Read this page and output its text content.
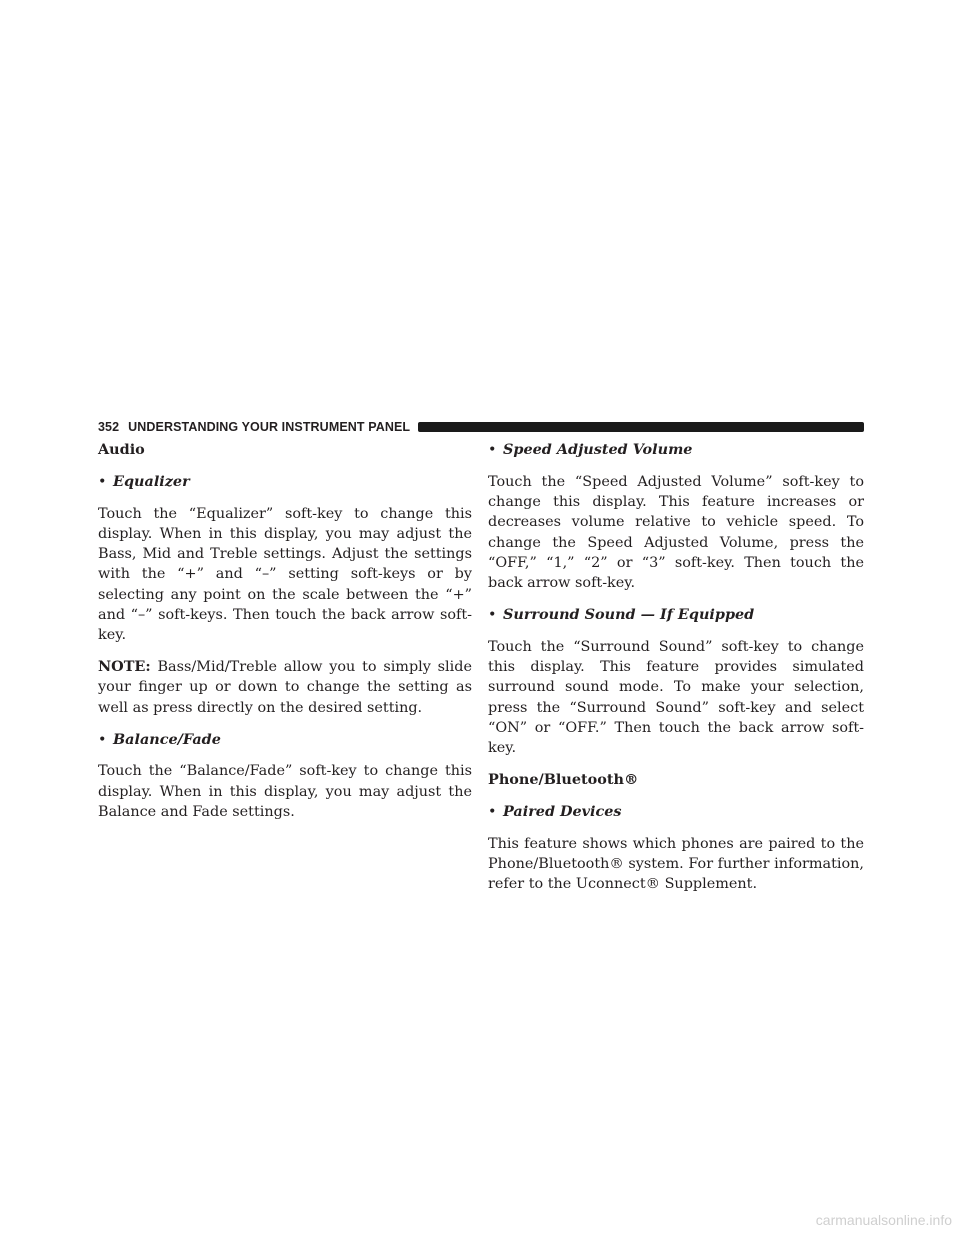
352 UNDERSTANDING YOUR INSTRUMENT PANEL
Audio
• Equalizer

Touch the “Equalizer” soft-key to change this display. When in this display, you may adjust the Bass, Mid and Treble settings. Adjust the settings with the “+” and “–” setting soft-keys or by selecting any point on the scale between the “+” and “–” soft-keys. Then touch the back arrow soft-key.

NOTE: Bass/Mid/Treble allow you to simply slide your finger up or down to change the setting as well as press directly on the desired setting.

• Balance/Fade

Touch the “Balance/Fade” soft-key to change this display. When in this display, you may adjust the Balance and Fade settings.

• Speed Adjusted Volume

Touch the “Speed Adjusted Volume” soft-key to change this display. This feature increases or decreases volume relative to vehicle speed. To change the Speed Adjusted Volume, press the “OFF,” “1,” “2” or “3” soft-key. Then touch the back arrow soft-key.

• Surround Sound — If Equipped

Touch the “Surround Sound” soft-key to change this display. This feature provides simulated surround sound mode. To make your selection, press the “Surround Sound” soft-key and select “ON” or “OFF.” Then touch the back arrow soft-key.

Phone/Bluetooth®
• Paired Devices

This feature shows which phones are paired to the Phone/Bluetooth® system. For further information, refer to the Uconnect® Supplement.

carmanualsonline.info
